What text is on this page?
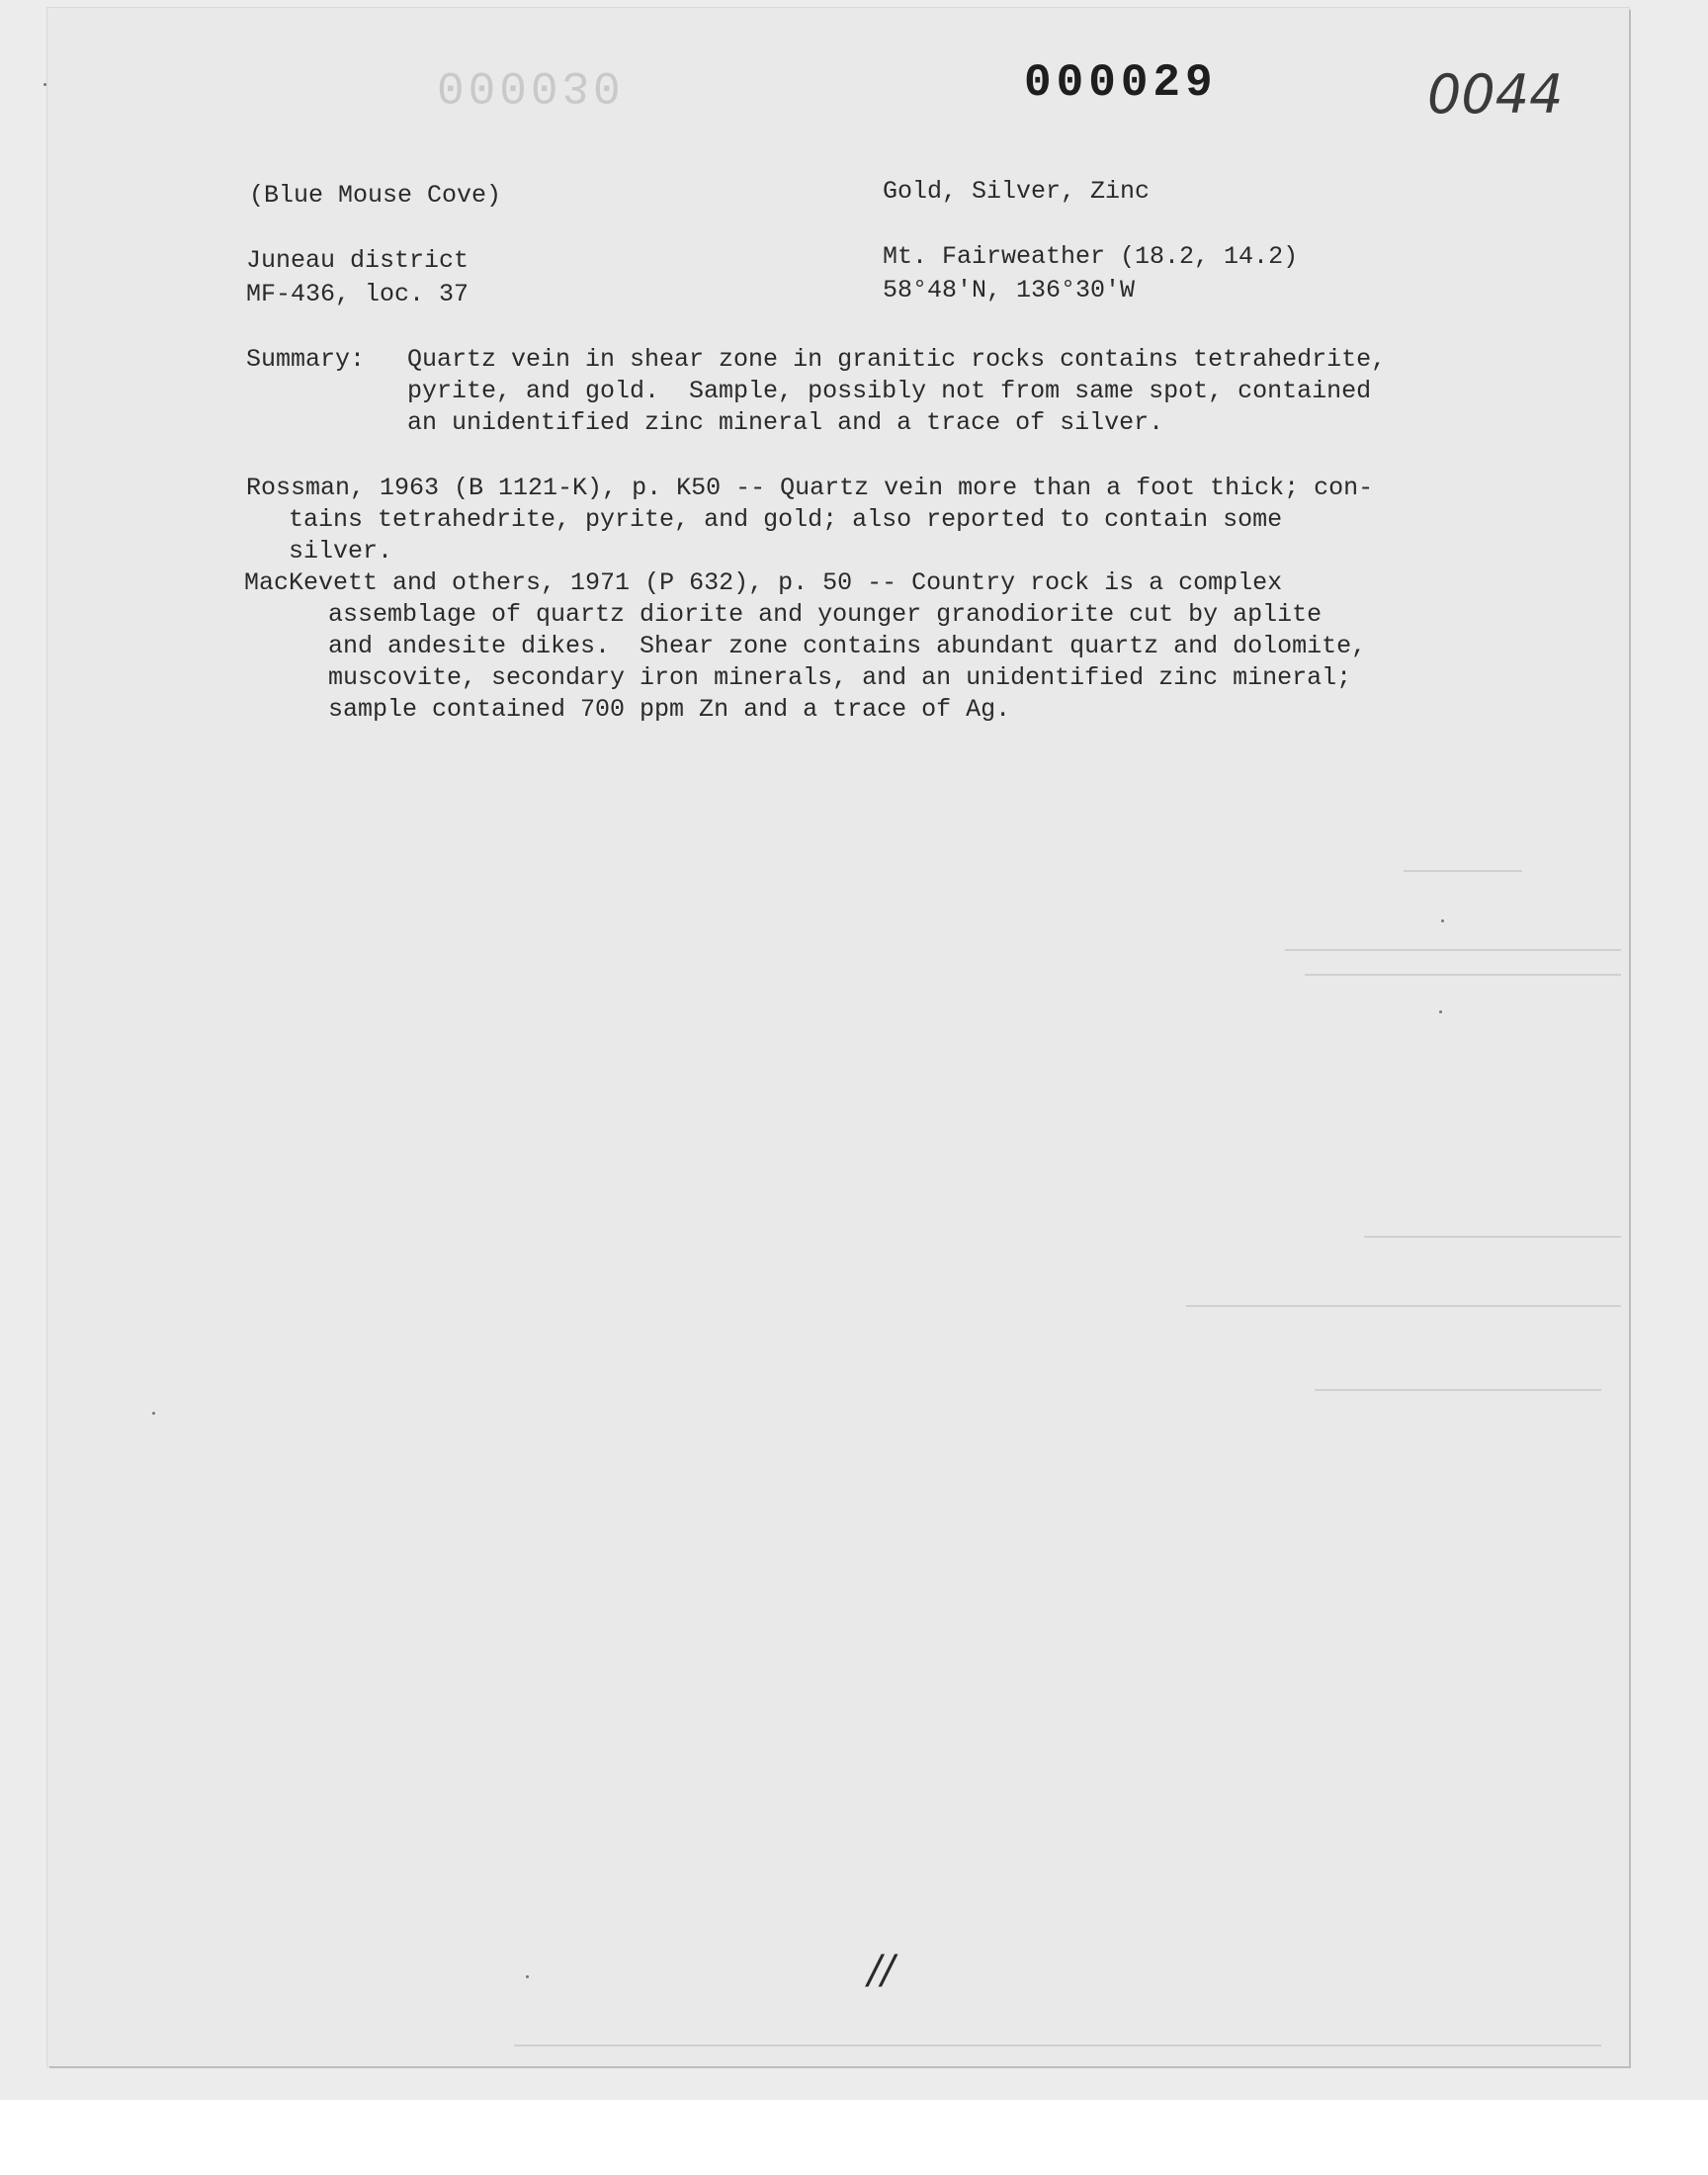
000030	000029	0044
(Blue Mouse Cove)	Gold, Silver, Zinc
Juneau district	Mt. Fairweather (18.2, 14.2)
MF-436, loc. 37	58°48'N, 136°30'W
Summary: Quartz vein in shear zone in granitic rocks contains tetrahedrite,
pyrite, and gold.  Sample, possibly not from same spot, contained
an unidentified zinc mineral and a trace of silver.
Rossman, 1963 (B 1121-K), p. K50 -- Quartz vein more than a foot thick; con-
tains tetrahedrite, pyrite, and gold; also reported to contain some
silver.
MacKevett and others, 1971 (P 632), p. 50 -- Country rock is a complex
assemblage of quartz diorite and younger granodiorite cut by aplite
and andesite dikes.  Shear zone contains abundant quartz and dolomite,
muscovite, secondary iron minerals, and an unidentified zinc mineral;
sample contained 700 ppm Zn and a trace of Ag.
//
